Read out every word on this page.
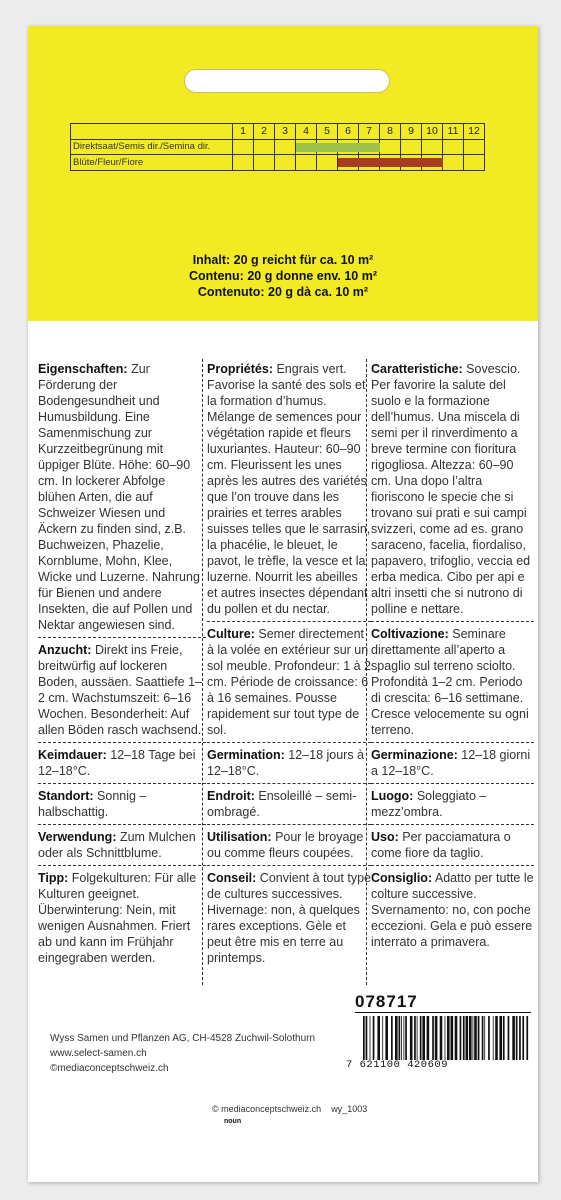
	1	2	3	4	5	6	7	8	9	10	11	12
Direktsaat/Semis dir./Semina dir.				

Blüte/Fleur/Fiore						

Inhalt: 20 g reicht für ca. 10 m²
Contenu: 20 g donne env. 10 m²
Contenuto: 20 g dà ca. 10 m²

Eigenschaften: Zur Förderung der Bodengesundheit und Humusbildung. Eine Samenmischung zur Kurzzeitbegrünung mit üppiger Blüte. Höhe: 60–90 cm. In lockerer Abfolge blühen Arten, die auf Schweizer Wiesen und Äckern zu finden sind, z.B. Buchweizen, Phazelie, Kornblume, Mohn, Klee, Wicke und Luzerne. Nahrung für Bienen und andere Insekten, die auf Pollen und Nektar angewiesen sind.

Anzucht: Direkt ins Freie, breitwürfig auf lockeren Boden, aussäen. Saattiefe 1–2 cm. Wachstumszeit: 6–16 Wochen. Besonderheit: Auf allen Böden rasch wachsend.

Keimdauer: 12–18 Tage bei 12–18°C.

Standort: Sonnig – halbschattig.

Verwendung: Zum Mulchen oder als Schnittblume.

Tipp: Folgekulturen: Für alle Kulturen geeignet. Überwinterung: Nein, mit wenigen Ausnahmen. Friert ab und kann im Frühjahr eingegraben werden.

Propriétés: Engrais vert. Favorise la santé des sols et la formation d’humus. Mélange de semences pour végétation rapide et fleurs luxuriantes. Hauteur: 60–90 cm. Fleurissent les unes après les autres des variétés que l’on trouve dans les prairies et terres arables suisses telles que le sarrasin, la phacélie, le bleuet, le pavot, le trèfle, la vesce et la luzerne. Nourrit les abeilles et autres insectes dépendant du pollen et du nectar.

Culture: Semer directement à la volée en extérieur sur un sol meuble. Profondeur: 1 à 2 cm. Période de croissance: 6 à 16 semaines. Pousse rapidement sur tout type de sol.

Germination: 12–18 jours à 12–18°C.

Endroit: Ensoleillé – semi-ombragé.

Utilisation: Pour le broyage ou comme fleurs coupées.

Conseil: Convient à tout type de cultures successives. Hivernage: non, à quelques rares exceptions. Gèle et peut être mis en terre au printemps.

Caratteristiche: Sovescio. Per favorire la salute del suolo e la formazione dell’humus. Una miscela di semi per il rinverdimento a breve termine con fioritura rigogliosa. Altezza: 60–90 cm. Una dopo l’altra fioriscono le specie che si trovano sui prati e sui campi svizzeri, come ad es. grano saraceno, facelia, fiordaliso, papavero, trifoglio, veccia ed erba medica. Cibo per api e altri insetti che si nutrono di polline e nettare.

Coltivazione: Seminare direttamente all’aperto a spaglio sul terreno sciolto. Profondità 1–2 cm. Periodo di crescita: 6–16 settimane. Cresce velocemente su ogni terreno.

Germinazione: 12–18 giorni a 12–18°C.

Luogo: Soleggiato – mezz’ombra.

Uso: Per pacciamatura o come fiore da taglio.

Consiglio: Adatto per tutte le colture successive. Svernamento: no, con poche eccezioni. Gela e può essere interrato a primavera.

078717
Wyss Samen und Pflanzen AG, CH-4528 Zuchwil-Solothurn
www.select-samen.ch
©mediaconceptschweiz.ch	7 621100 420609
© mediaconceptschweiz.ch wy_1003
noun
